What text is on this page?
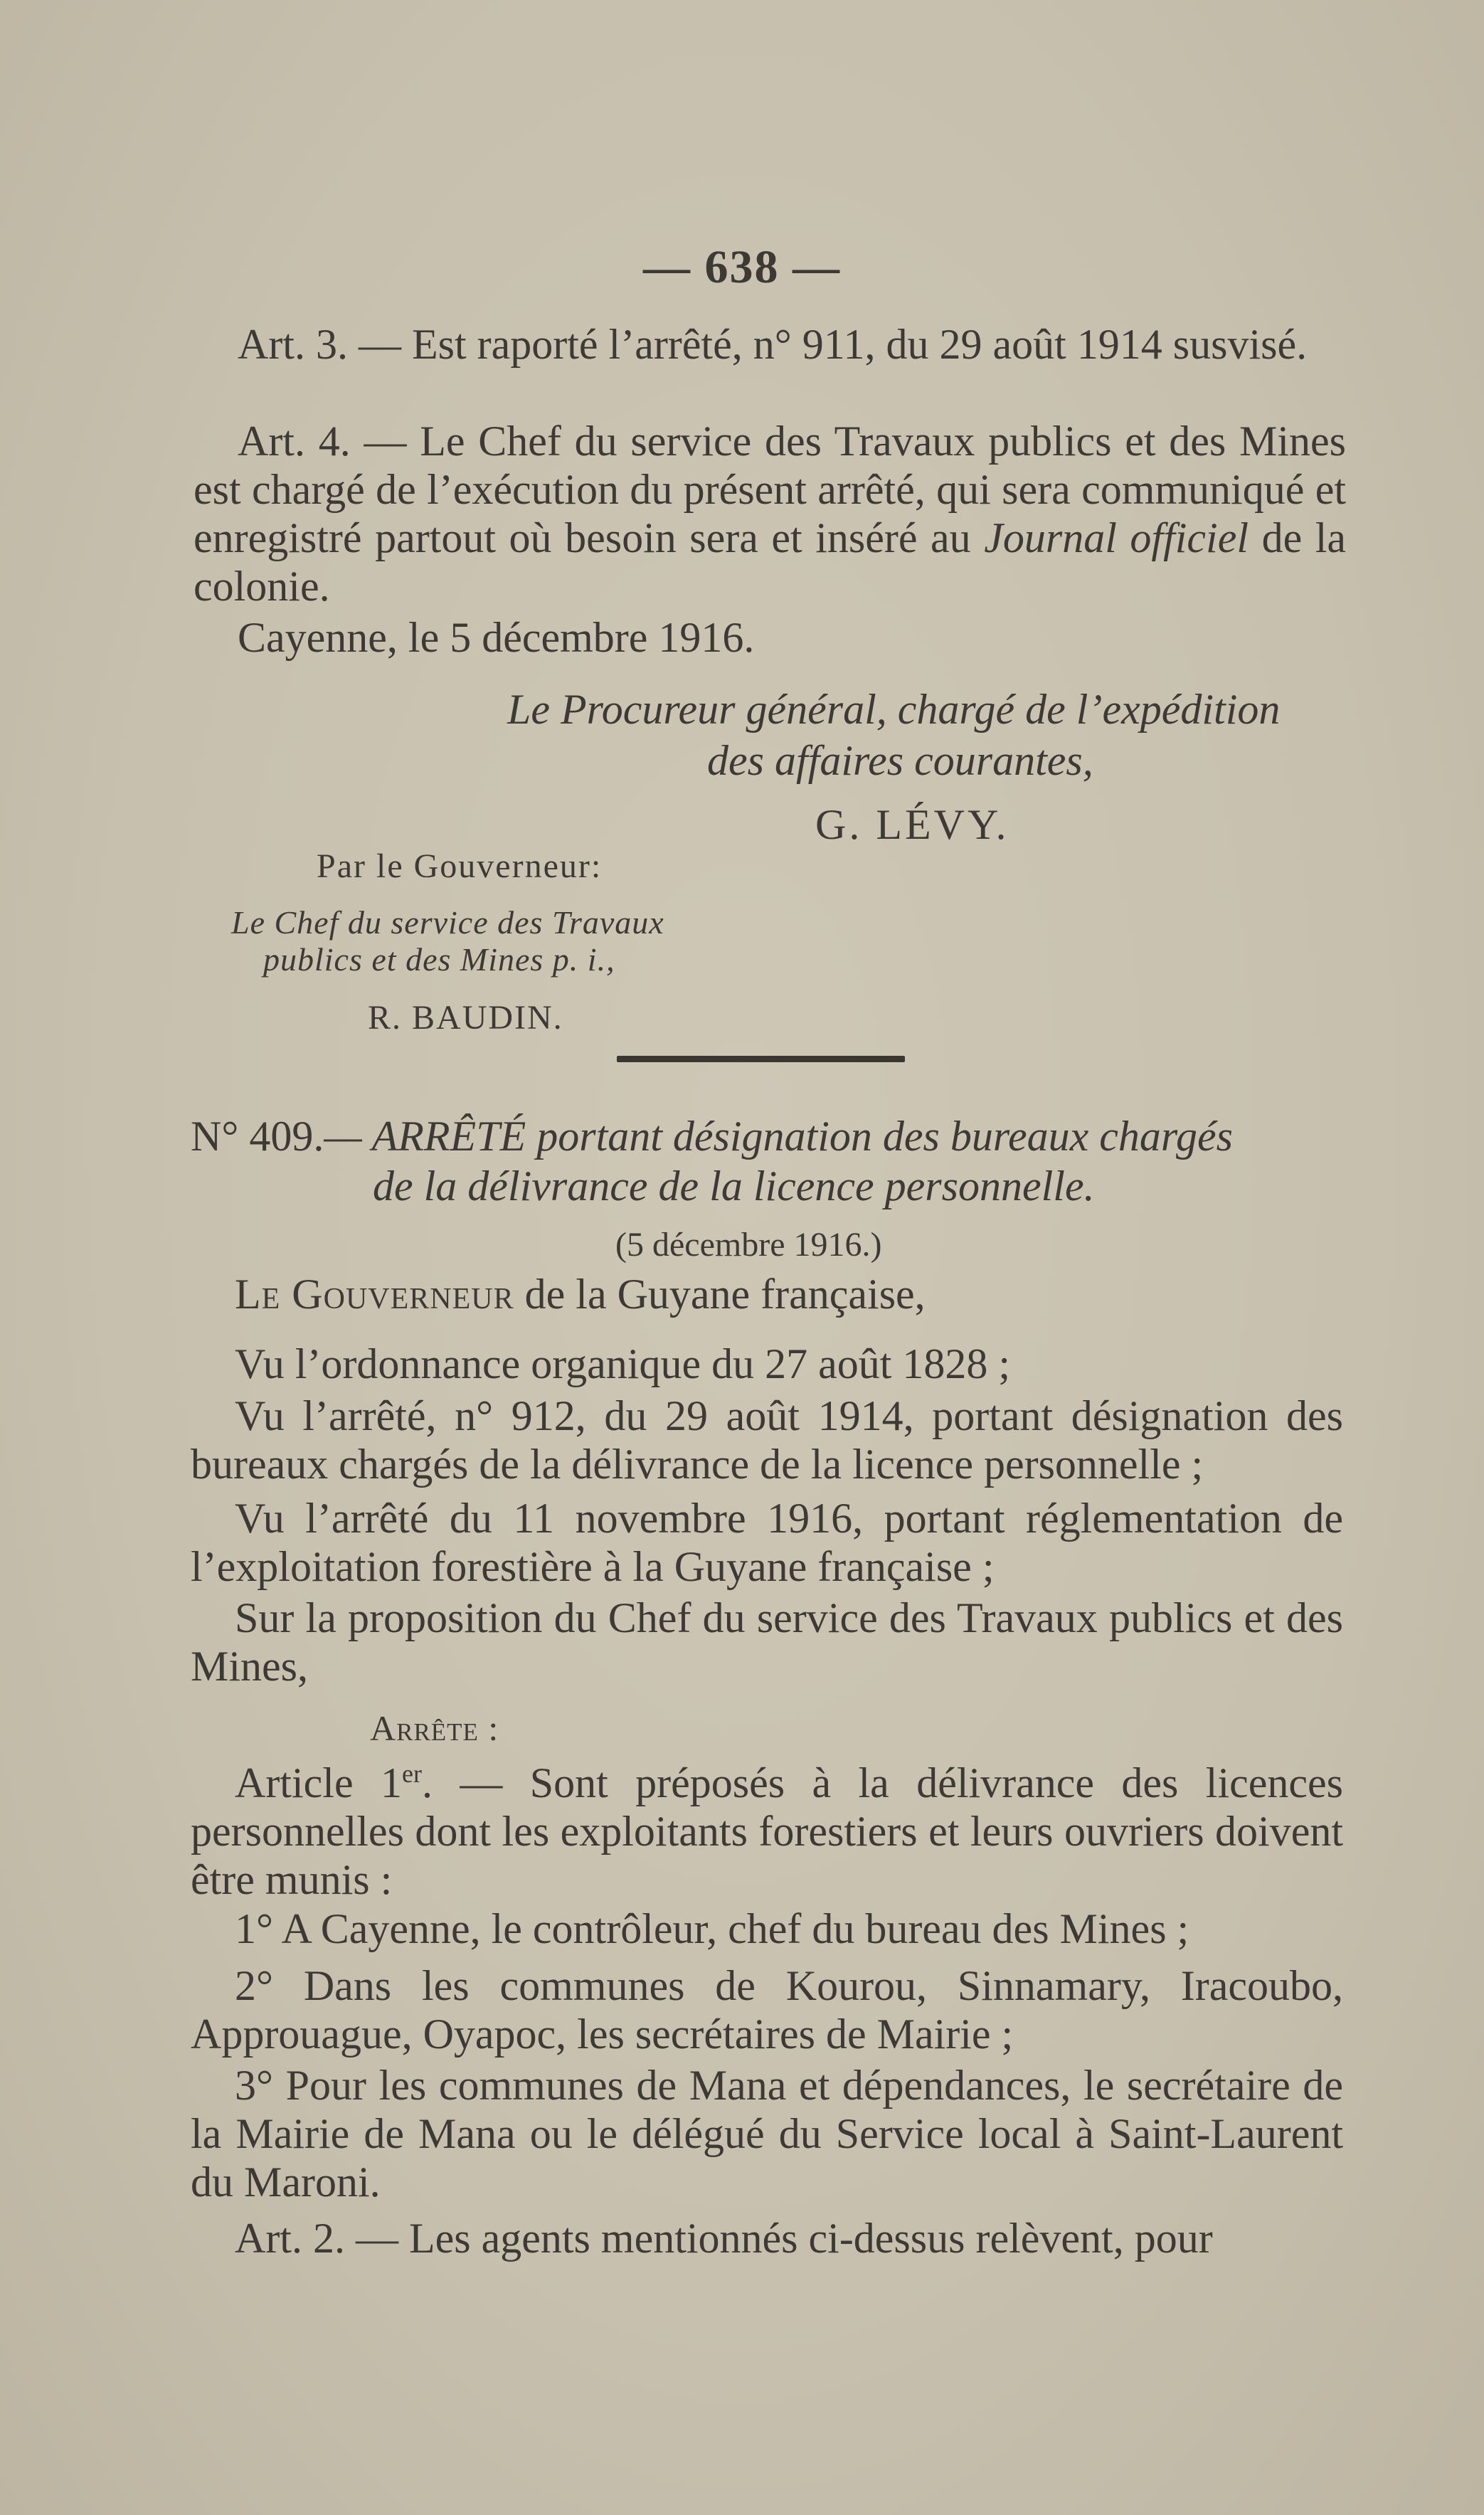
— 638 —
Art. 3. — Est raporté l’arrêté, n° 911, du 29 août 1914 susvisé.
Art. 4. — Le Chef du service des Travaux publics et des Mines est chargé de l’exécution du présent arrêté, qui sera communiqué et enregistré partout où besoin sera et inséré au Journal officiel de la colonie.
Cayenne, le 5 décembre 1916.
Le Procureur général, chargé de l’expédition
des affaires courantes,
G. LÉVY.
Par le Gouverneur:
Le Chef du service des Travaux
publics et des Mines p. i.,
R. BAUDIN.
N° 409.— ARRÊTÉ portant désignation des bureaux chargés
de la délivrance de la licence personnelle.
(5 décembre 1916.)
Le Gouverneur de la Guyane française,
Vu l’ordonnance organique du 27 août 1828 ;
Vu l’arrêté, n° 912, du 29 août 1914, portant désignation des bureaux chargés de la délivrance de la licence personnelle ;
Vu l’arrêté du 11 novembre 1916, portant réglementation de l’exploitation forestière à la Guyane française ;
Sur la proposition du Chef du service des Travaux publics et des Mines,
Arrête :
Article 1er. — Sont préposés à la délivrance des licences personnelles dont les exploitants forestiers et leurs ouvriers doivent être munis :
1° A Cayenne, le contrôleur, chef du bureau des Mines ;
2° Dans les communes de Kourou, Sinnamary, Iracoubo, Approuague, Oyapoc, les secrétaires de Mairie ;
3° Pour les communes de Mana et dépendances, le secrétaire de la Mairie de Mana ou le délégué du Service local à Saint-Laurent du Maroni.
Art. 2. — Les agents mentionnés ci-dessus relèvent, pour
